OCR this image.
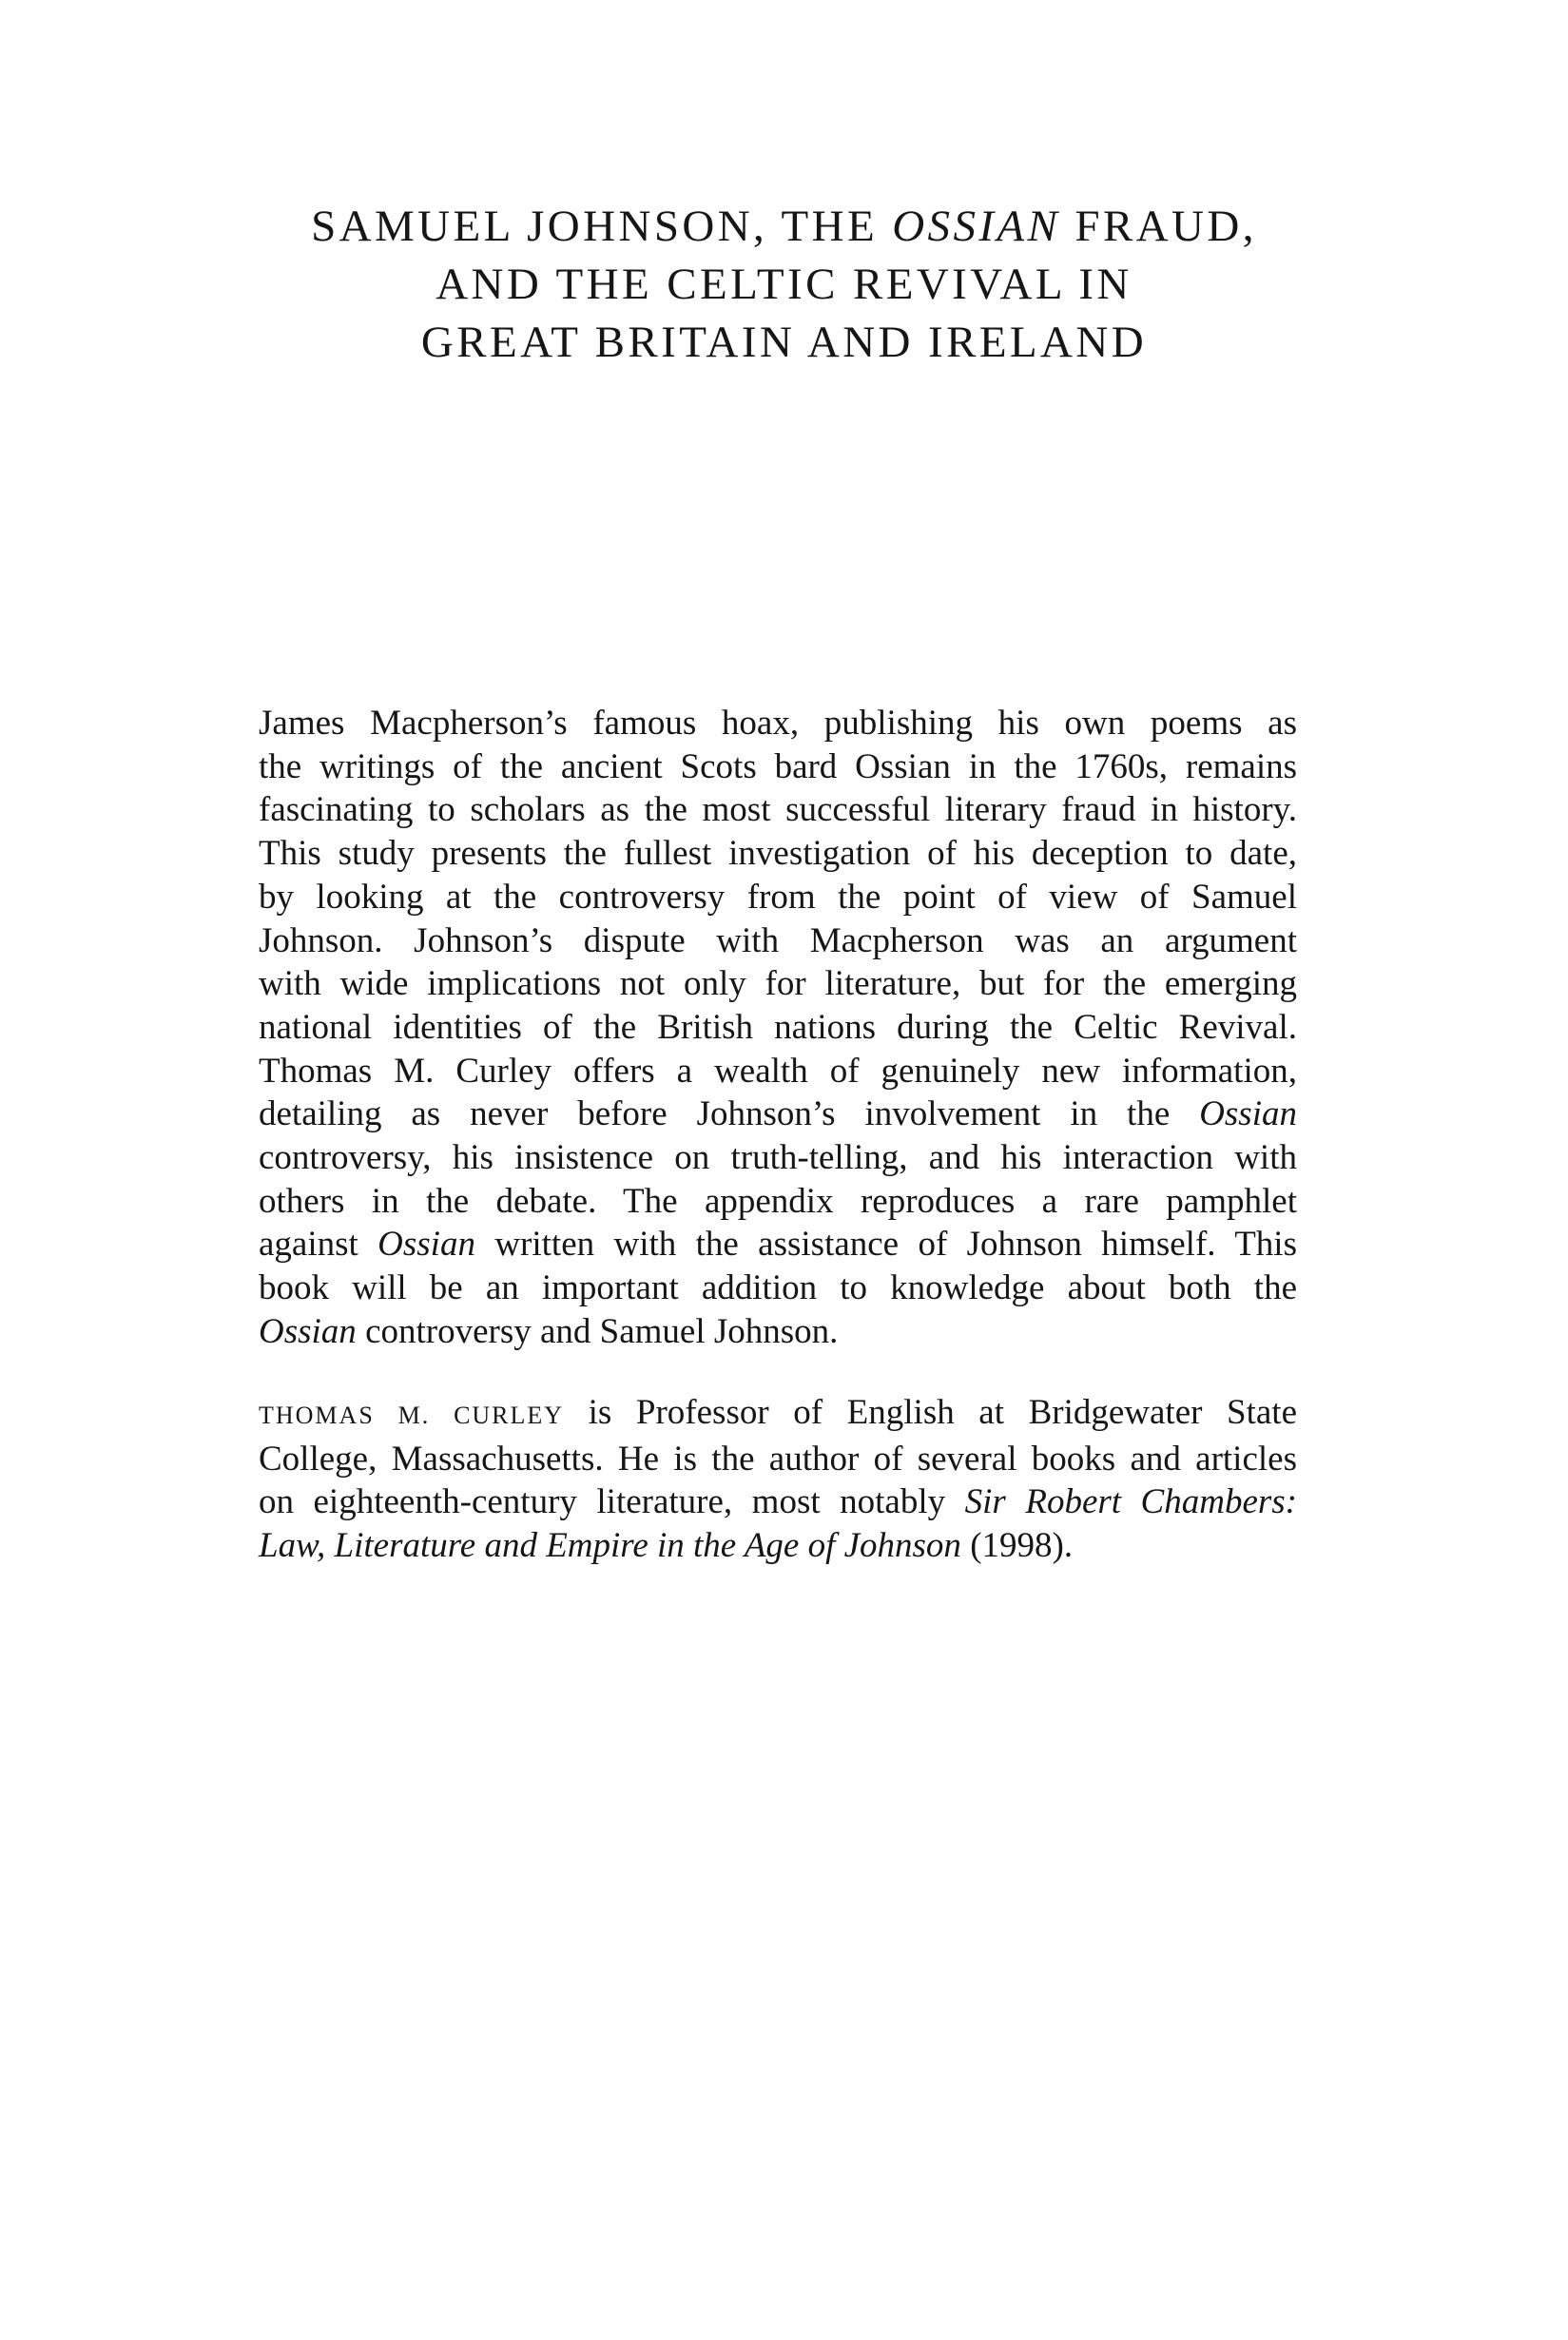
SAMUEL JOHNSON, THE OSSIAN FRAUD,
AND THE CELTIC REVIVAL IN
GREAT BRITAIN AND IRELAND

James Macpherson’s famous hoax, publishing his own poems as
the writings of the ancient Scots bard Ossian in the 1760s, remains
fascinating to scholars as the most successful literary fraud in history.
This study presents the fullest investigation of his deception to date,
by looking at the controversy from the point of view of Samuel
Johnson. Johnson’s dispute with Macpherson was an argument
with wide implications not only for literature, but for the emerging
national identities of the British nations during the Celtic Revival.
Thomas M. Curley offers a wealth of genuinely new information,
detailing as never before Johnson’s involvement in the Ossian
controversy, his insistence on truth-telling, and his interaction with
others in the debate. The appendix reproduces a rare pamphlet
against Ossian written with the assistance of Johnson himself. This
book will be an important addition to knowledge about both the
Ossian controversy and Samuel Johnson.

THOMAS M. CURLEY is Professor of English at Bridgewater State
College, Massachusetts. He is the author of several books and articles
on eighteenth-century literature, most notably Sir Robert Chambers:
Law, Literature and Empire in the Age of Johnson (1998).
